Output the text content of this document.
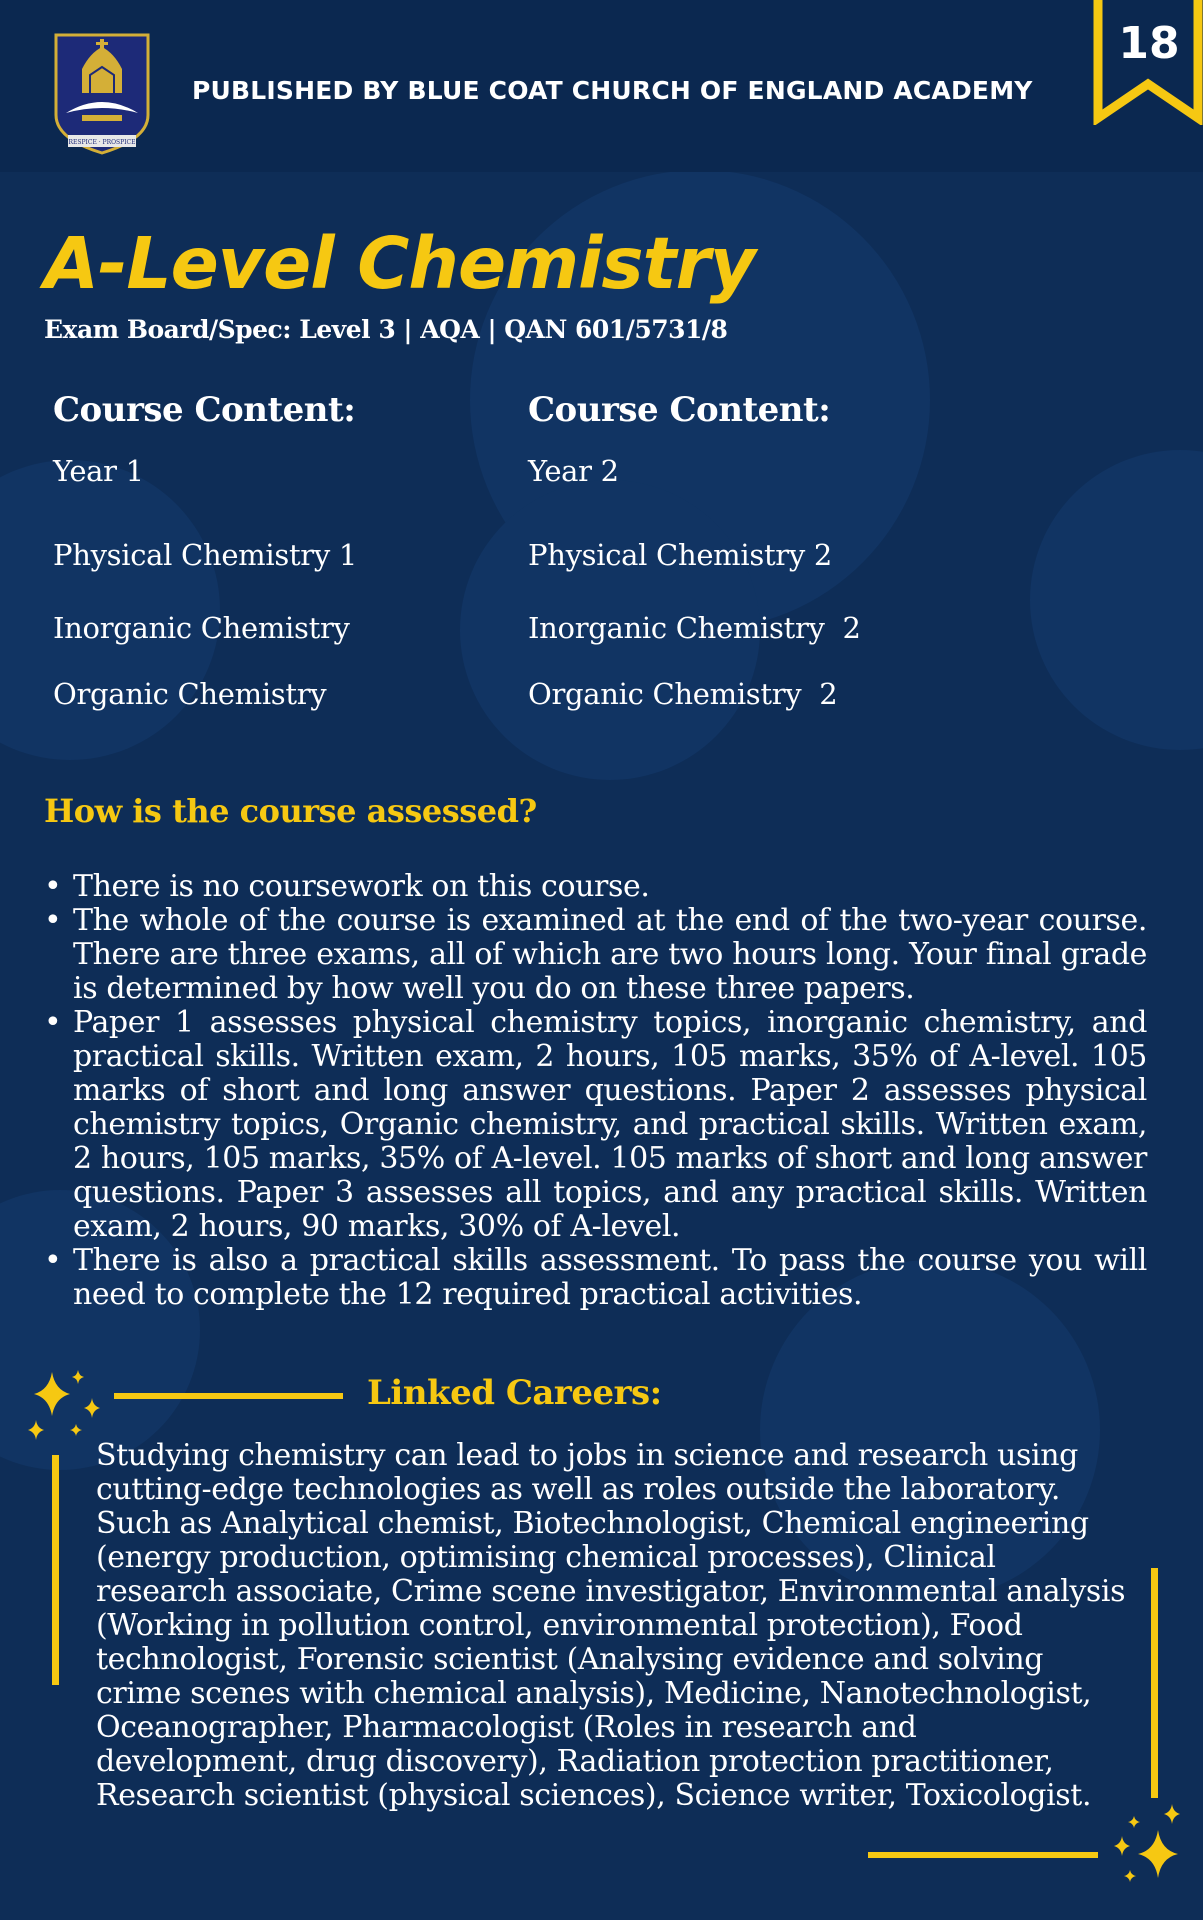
RESPICE · PROSPICE
PUBLISHED BY BLUE COAT CHURCH OF ENGLAND ACADEMY
18
A-Level Chemistry
Exam Board/Spec: Level 3 | AQA | QAN 601/5731/8
Course Content:
Year 1
Physical Chemistry 1
Inorganic Chemistry
Organic Chemistry
Course Content:
Year 2
Physical Chemistry 2
Inorganic Chemistry  2
Organic Chemistry  2
How is the course assessed?
• There is no coursework on this course.
• The whole of the course is examined at the end of the two-year course. There are three exams, all of which are two hours long. Your final grade is determined by how well you do on these three papers.
• Paper 1 assesses physical chemistry topics, inorganic chemistry, and practical skills. Written exam, 2 hours, 105 marks, 35% of A-level. 105 marks of short and long answer questions. Paper 2 assesses physical chemistry topics, Organic chemistry, and practical skills. Written exam, 2 hours, 105 marks, 35% of A-level. 105 marks of short and long answer questions. Paper 3 assesses all topics, and any practical skills. Written exam, 2 hours, 90 marks, 30% of A-level.
• There is also a practical skills assessment. To pass the course you will need to complete the 12 required practical activities.
Linked Careers:
Studying chemistry can lead to jobs in science and research using cutting-edge technologies as well as roles outside the laboratory. Such as Analytical chemist, Biotechnologist, Chemical engineering (energy production, optimising chemical processes), Clinical research associate, Crime scene investigator, Environmental analysis (Working in pollution control, environmental protection), Food technologist, Forensic scientist (Analysing evidence and solving crime scenes with chemical analysis), Medicine, Nanotechnologist, Oceanographer, Pharmacologist (Roles in research and development, drug discovery), Radiation protection practitioner, Research scientist (physical sciences), Science writer, Toxicologist.
